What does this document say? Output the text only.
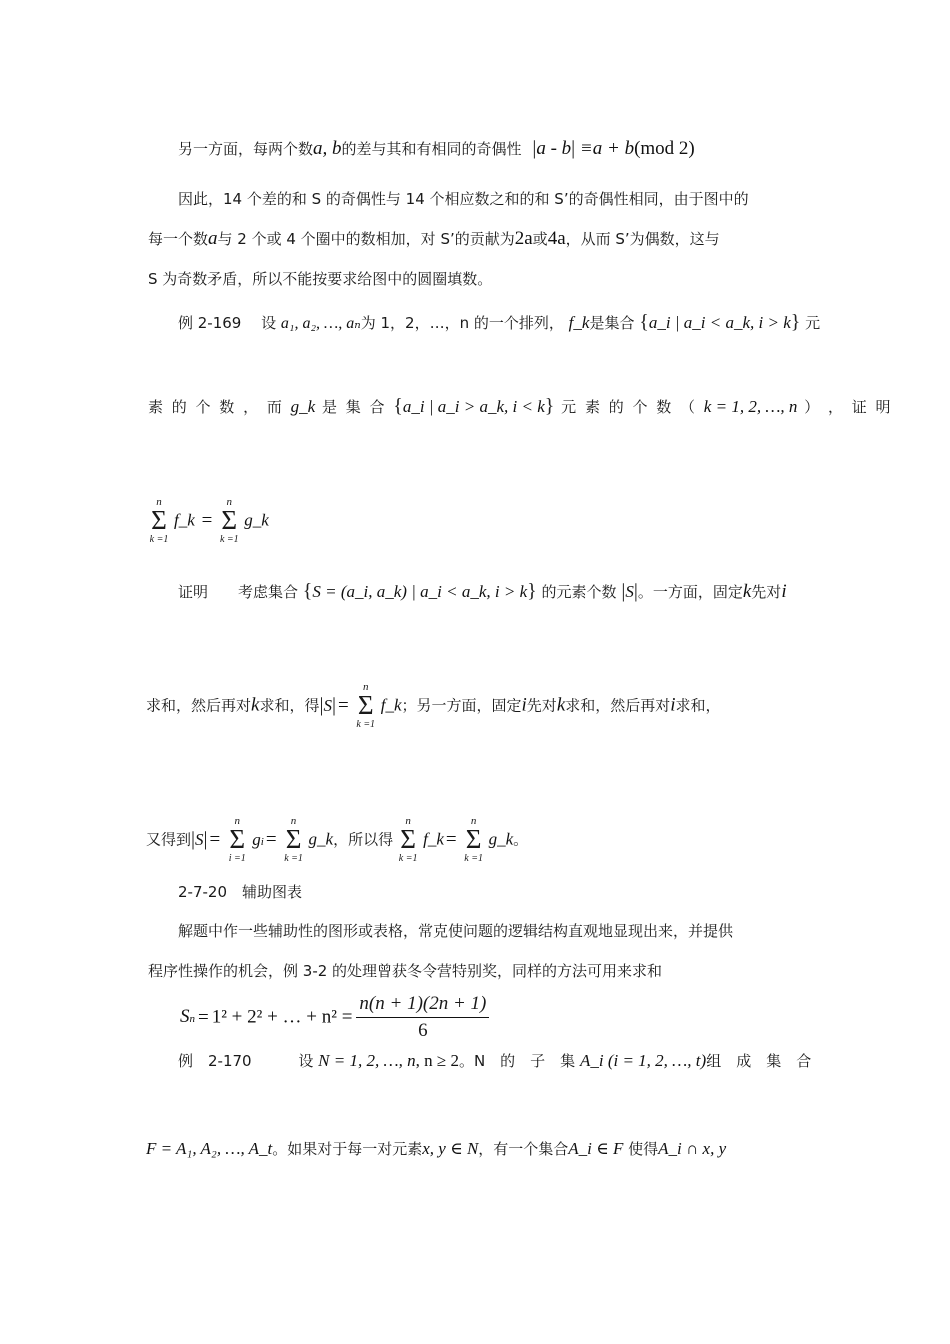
另一方面，每两个数a, b的差与其和有相同的奇偶性 |a - b| ≡a + b(mod 2)
因此，14 个差的和 S 的奇偶性与 14 个相应数之和的和 S’的奇偶性相同，由于图中的
每一个数a与 2 个或 4 个圈中的数相加，对 S’的贡献为2a或4a，从而 S’为偶数，这与
S 为奇数矛盾，所以不能按要求给图中的圆圈填数。
例 2-169　 设 a₁, a₂, …, aₙ为 1，2，…，n 的一个排列， f_k是集合 {a_i | a_i < a_k, i > k} 元
素 的 个 数 ， 而 g_k 是 集 合 {a_i | a_i > a_k, i < k} 元 素 的 个 数 （ k = 1, 2, …, n ） ， 证 明
n
Σ
k =1
f_k =
n
Σ
k =1
g_k
证明　　考虑集合 {S = (a_i, a_k) | a_i < a_k, i > k} 的元素个数 |S|。一方面，固定k先对i
求和，然后再对k求和，得|S| =
n
Σ
k =1
f_k；另一方面，固定i先对k求和，然后再对i求和，
又得到|S| =
n
Σ
i =1
gi =
n
Σ
k =1
g_k，所以得
n
Σ
k =1
f_k =
n
Σ
k =1
g_k。
2-7-20　辅助图表
解题中作一些辅助性的图形或表格，常克使问题的逻辑结构直观地显现出来，并提供
程序性操作的机会，例 3-2 的处理曾获冬令营特别奖，同样的方法可用来求和
Sn = 1² + 2² + … + $n^2 = \frac{n(n + 1)(2n + 1)}{6}$
例　2-170	设 N = 1, 2, …, n, n ≥ 2。N　的　子　集 A_i (i = 1, 2, …, t)组　成　集　合
F = A₁, A₂, …, A_t。如果对于每一对元素x, y ∈ N，有一个集合A_i ∈ F 使得A_i ∩ x, y
